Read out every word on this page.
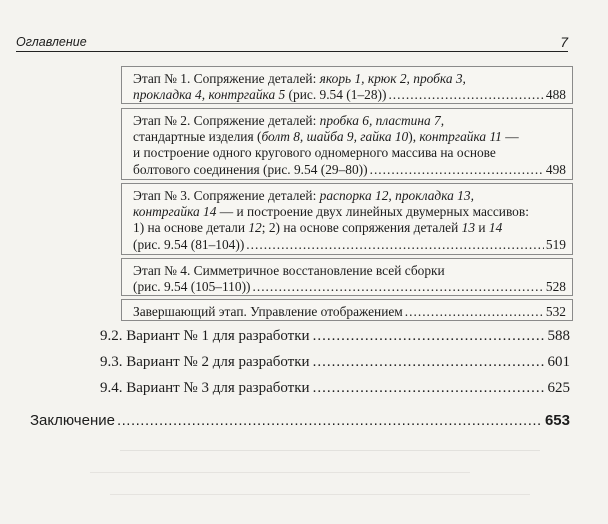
Оглавление	7
Этап № 1. Сопряжение деталей: якорь 1, крюк 2, пробка 3,
прокладка 4, контргайка 5 (рис. 9.54 (1–28)) .....	488
Этап № 2. Сопряжение деталей: пробка 6, пластина 7,
стандартные изделия (болт 8, шайба 9, гайка 10), контргайка 11 —
и построение одного кругового одномерного массива на основе
болтового соединения (рис. 9.54 (29–80)) .....	498
Этап № 3. Сопряжение деталей: распорка 12, прокладка 13,
контргайка 14 — и построение двух линейных двумерных массивов:
1) на основе детали 12; 2) на основе сопряжения деталей 13 и 14
(рис. 9.54 (81–104)) .....	519
Этап № 4. Симметричное восстановление всей сборки
(рис. 9.54 (105–110)) .....	528
Завершающий этап. Управление отображением .....	532
9.2. Вариант № 1 для разработки .....	588
9.3. Вариант № 2 для разработки .....	601
9.4. Вариант № 3 для разработки .....	625
Заключение .....	653
